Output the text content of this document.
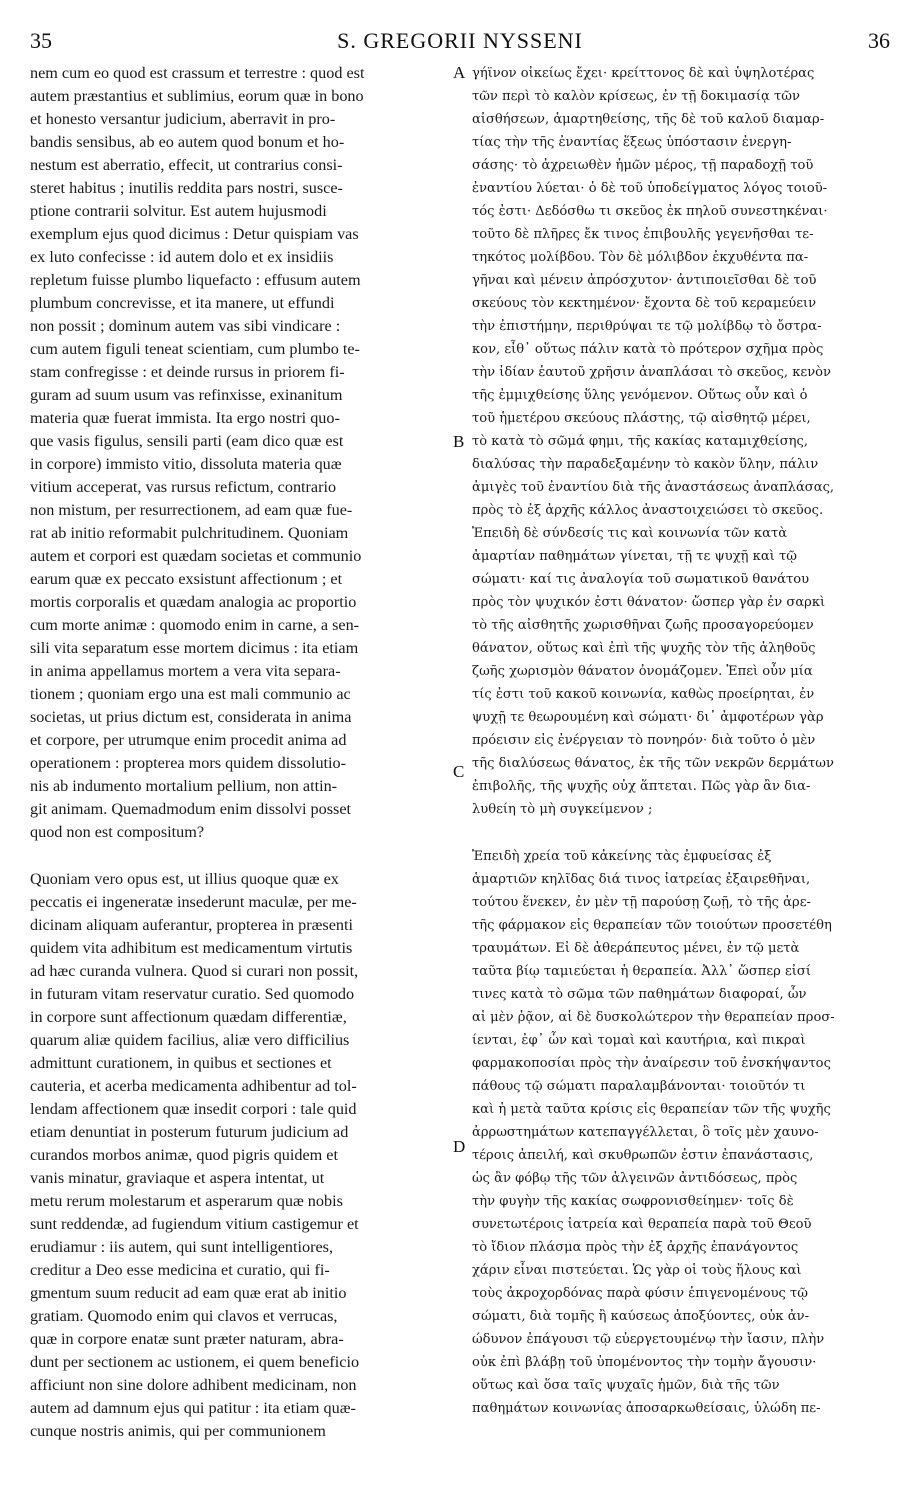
35	S. GREGORII NYSSENI	36
nem cum eo quod est crassum et terrestre : quod est
autem præstantius et sublimius, eorum quæ in bono
et honesto versantur judicium, aberravit in pro-
bandis sensibus, ab eo autem quod bonum et ho-
nestum est aberratio, effecit, ut contrarius consi-
steret habitus ; inutilis reddita pars nostri, susce-
ptione contrarii solvitur. Est autem hujusmodi
exemplum ejus quod dicimus : Detur quispiam vas
ex luto confecisse : id autem dolo et ex insidiis
repletum fuisse plumbo liquefacto : effusum autem
plumbum concrevisse, et ita manere, ut effundi
non possit ; dominum autem vas sibi vindicare :
cum autem figuli teneat scientiam, cum plumbo te-
stam confregisse : et deinde rursus in priorem fi-
guram ad suum usum vas refinxisse, exinanitum
materia quæ fuerat immista. Ita ergo nostri quo-
que vasis figulus, sensili parti (eam dico quæ est
in corpore) immisto vitio, dissoluta materia quæ
vitium acceperat, vas rursus refictum, contrario
non mistum, per resurrectionem, ad eam quæ fue-
rat ab initio reformabit pulchritudinem. Quoniam
autem et corpori est quædam societas et communio
earum quæ ex peccato exsistunt affectionum ; et
mortis corporalis et quædam analogia ac proportio
cum morte animæ : quomodo enim in carne, a sen-
sili vita separatum esse mortem dicimus : ita etiam
in anima appellamus mortem a vera vita separa-
tionem ; quoniam ergo una est mali communio ac
societas, ut prius dictum est, considerata in anima
et corpore, per utrumque enim procedit anima ad
operationem : propterea mors quidem dissolutio-
nis ab indumento mortalium pellium, non attin-
git animam. Quemadmodum enim dissolvi posset
quod non est compositum?
Quoniam vero opus est, ut illius quoque quæ ex
peccatis ei ingeneratæ insederunt maculæ, per me-
dicinam aliquam auferantur, propterea in præsenti
quidem vita adhibitum est medicamentum virtutis
ad hæc curanda vulnera. Quod si curari non possit,
in futuram vitam reservatur curatio. Sed quomodo
in corpore sunt affectionum quædam differentiæ,
quarum aliæ quidem facilius, aliæ vero difficilius
admittunt curationem, in quibus et sectiones et
cauteria, et acerba medicamenta adhibentur ad tol-
lendam affectionem quæ insedit corpori : tale quid
etiam denuntiat in posterum futurum judicium ad
curandos morbos animæ, quod pigris quidem et
vanis minatur, graviaque et aspera intentat, ut
metu rerum molestarum et asperarum quæ nobis
sunt reddendæ, ad fugiendum vitium castigemur et
erudiamur : iis autem, qui sunt intelligentiores,
creditur a Deo esse medicina et curatio, qui fi-
gmentum suum reducit ad eam quæ erat ab initio
gratiam. Quomodo enim qui clavos et verrucas,
quæ in corpore enatæ sunt præter naturam, abra-
dunt per sectionem ac ustionem, ei quem beneficio
afficiunt non sine dolore adhibent medicinam, non
autem ad damnum ejus qui patitur : ita etiam quæ-
cunque nostris animis, qui per communionem
A
B
C
D
γήϊνον οἰκείως ἔχει· κρείττονος δὲ καὶ ὑψηλοτέρας
τῶν περὶ τὸ καλὸν κρίσεως, ἐν τῇ δοκιμασίᾳ τῶν
αἰσθήσεων, ἁμαρτηθείσης, τῆς δὲ τοῦ καλοῦ διαμαρ-
τίας τὴν τῆς ἐναντίας ἕξεως ὑπόστασιν ἐνεργη-
σάσης· τὸ ἀχρειωθὲν ἡμῶν μέρος, τῇ παραδοχῇ τοῦ
ἐναντίου λύεται· ὁ δὲ τοῦ ὑποδείγματος λόγος τοιοῦ-
τός ἐστι· Δεδόσθω τι σκεῦος ἐκ πηλοῦ συνεστηκέναι·
τοῦτο δὲ πλῆρες ἔκ τινος ἐπιβουλῆς γεγενῆσθαι τε-
τηκότος μολίβδου. Τὸν δὲ μόλιβδον ἐκχυθέντα πα-
γῆναι καὶ μένειν ἀπρόσχυτον· ἀντιποιεῖσθαι δὲ τοῦ
σκεύους τὸν κεκτημένον· ἔχοντα δὲ τοῦ κεραμεύειν
τὴν ἐπιστήμην, περιθρύψαι τε τῷ μολίβδῳ τὸ ὄστρα-
κον, εἶθ᾽ οὕτως πάλιν κατὰ τὸ πρότερον σχῆμα πρὸς
τὴν ἰδίαν ἑαυτοῦ χρῆσιν ἀναπλάσαι τὸ σκεῦος, κενὸν
τῆς ἐμμιχθείσης ὕλης γενόμενον. Οὕτως οὖν καὶ ὁ
τοῦ ἡμετέρου σκεύους πλάστης, τῷ αἰσθητῷ μέρει,
τὸ κατὰ τὸ σῶμά φημι, τῆς κακίας καταμιχθείσης,
διαλύσας τὴν παραδεξαμένην τὸ κακὸν ὕλην, πάλιν
ἀμιγὲς τοῦ ἐναντίου διὰ τῆς ἀναστάσεως ἀναπλάσας,
πρὸς τὸ ἐξ ἀρχῆς κάλλος ἀναστοιχειώσει τὸ σκεῦος.
Ἐπειδὴ δὲ σύνδεσίς τις καὶ κοινωνία τῶν κατὰ
ἁμαρτίαν παθημάτων γίνεται, τῇ τε ψυχῇ καὶ τῷ
σώματι· καί τις ἀναλογία τοῦ σωματικοῦ θανάτου
πρὸς τὸν ψυχικόν ἐστι θάνατον· ὥσπερ γὰρ ἐν σαρκὶ
τὸ τῆς αἰσθητῆς χωρισθῆναι ζωῆς προσαγορεύομεν
θάνατον, οὕτως καὶ ἐπὶ τῆς ψυχῆς τὸν τῆς ἀληθοῦς
ζωῆς χωρισμὸν θάνατον ὀνομάζομεν. Ἐπεὶ οὖν μία
τίς ἐστι τοῦ κακοῦ κοινωνία, καθὼς προείρηται, ἐν
ψυχῇ τε θεωρουμένη καὶ σώματι· δι᾽ ἀμφοτέρων γὰρ
πρόεισιν εἰς ἐνέργειαν τὸ πονηρόν· διὰ τοῦτο ὁ μὲν
τῆς διαλύσεως θάνατος, ἐκ τῆς τῶν νεκρῶν δερμάτων
ἐπιβολῆς, τῆς ψυχῆς οὐχ ἅπτεται. Πῶς γὰρ ἂν δια-
λυθείη τὸ μὴ συγκείμενον ;
Ἐπειδὴ χρεία τοῦ κἀκείνης τὰς ἐμφυείσας ἐξ
ἁμαρτιῶν κηλῖδας διά τινος ἰατρείας ἐξαιρεθῆναι,
τούτου ἕνεκεν, ἐν μὲν τῇ παρούσῃ ζωῇ, τὸ τῆς ἀρε-
τῆς φάρμακον εἰς θεραπείαν τῶν τοιούτων προσετέθη
τραυμάτων. Εἰ δὲ ἀθεράπευτος μένει, ἐν τῷ μετὰ
ταῦτα βίῳ ταμιεύεται ἡ θεραπεία. Ἀλλ᾽ ὥσπερ εἰσί
τινες κατὰ τὸ σῶμα τῶν παθημάτων διαφοραί, ὧν
αἱ μὲν ῥᾷον, αἱ δὲ δυσκολώτερον τὴν θεραπείαν προσ-
ίενται, ἐφ᾽ ὧν καὶ τομαὶ καὶ καυτήρια, καὶ πικραὶ
φαρμακοποσίαι πρὸς τὴν ἀναίρεσιν τοῦ ἐνσκήψαντος
πάθους τῷ σώματι παραλαμβάνονται· τοιοῦτόν τι
καὶ ἡ μετὰ ταῦτα κρίσις εἰς θεραπείαν τῶν τῆς ψυχῆς
ἀρρωστημάτων κατεπαγγέλλεται, ὃ τοῖς μὲν χαυνο-
τέροις ἀπειλή, καὶ σκυθρωπῶν ἐστιν ἐπανάστασις,
ὡς ἂν φόβῳ τῆς τῶν ἀλγεινῶν ἀντιδόσεως, πρὸς
τὴν φυγὴν τῆς κακίας σωφρονισθείημεν· τοῖς δὲ
συνετωτέροις ἰατρεία καὶ θεραπεία παρὰ τοῦ Θεοῦ
τὸ ἴδιον πλάσμα πρὸς τὴν ἐξ ἀρχῆς ἐπανάγοντος
χάριν εἶναι πιστεύεται. Ὡς γὰρ οἱ τοὺς ἥλους καὶ
τοὺς ἀκροχορδόνας παρὰ φύσιν ἐπιγενομένους τῷ
σώματι, διὰ τομῆς ἢ καύσεως ἀποξύοντες, οὐκ ἀν-
ώδυνον ἐπάγουσι τῷ εὐεργετουμένῳ τὴν ἴασιν, πλὴν
οὐκ ἐπὶ βλάβῃ τοῦ ὑπομένοντος τὴν τομὴν ἄγουσιν·
οὕτως καὶ ὅσα ταῖς ψυχαῖς ἡμῶν, διὰ τῆς τῶν
παθημάτων κοινωνίας ἀποσαρκωθείσαις, ὑλώδη πε-
